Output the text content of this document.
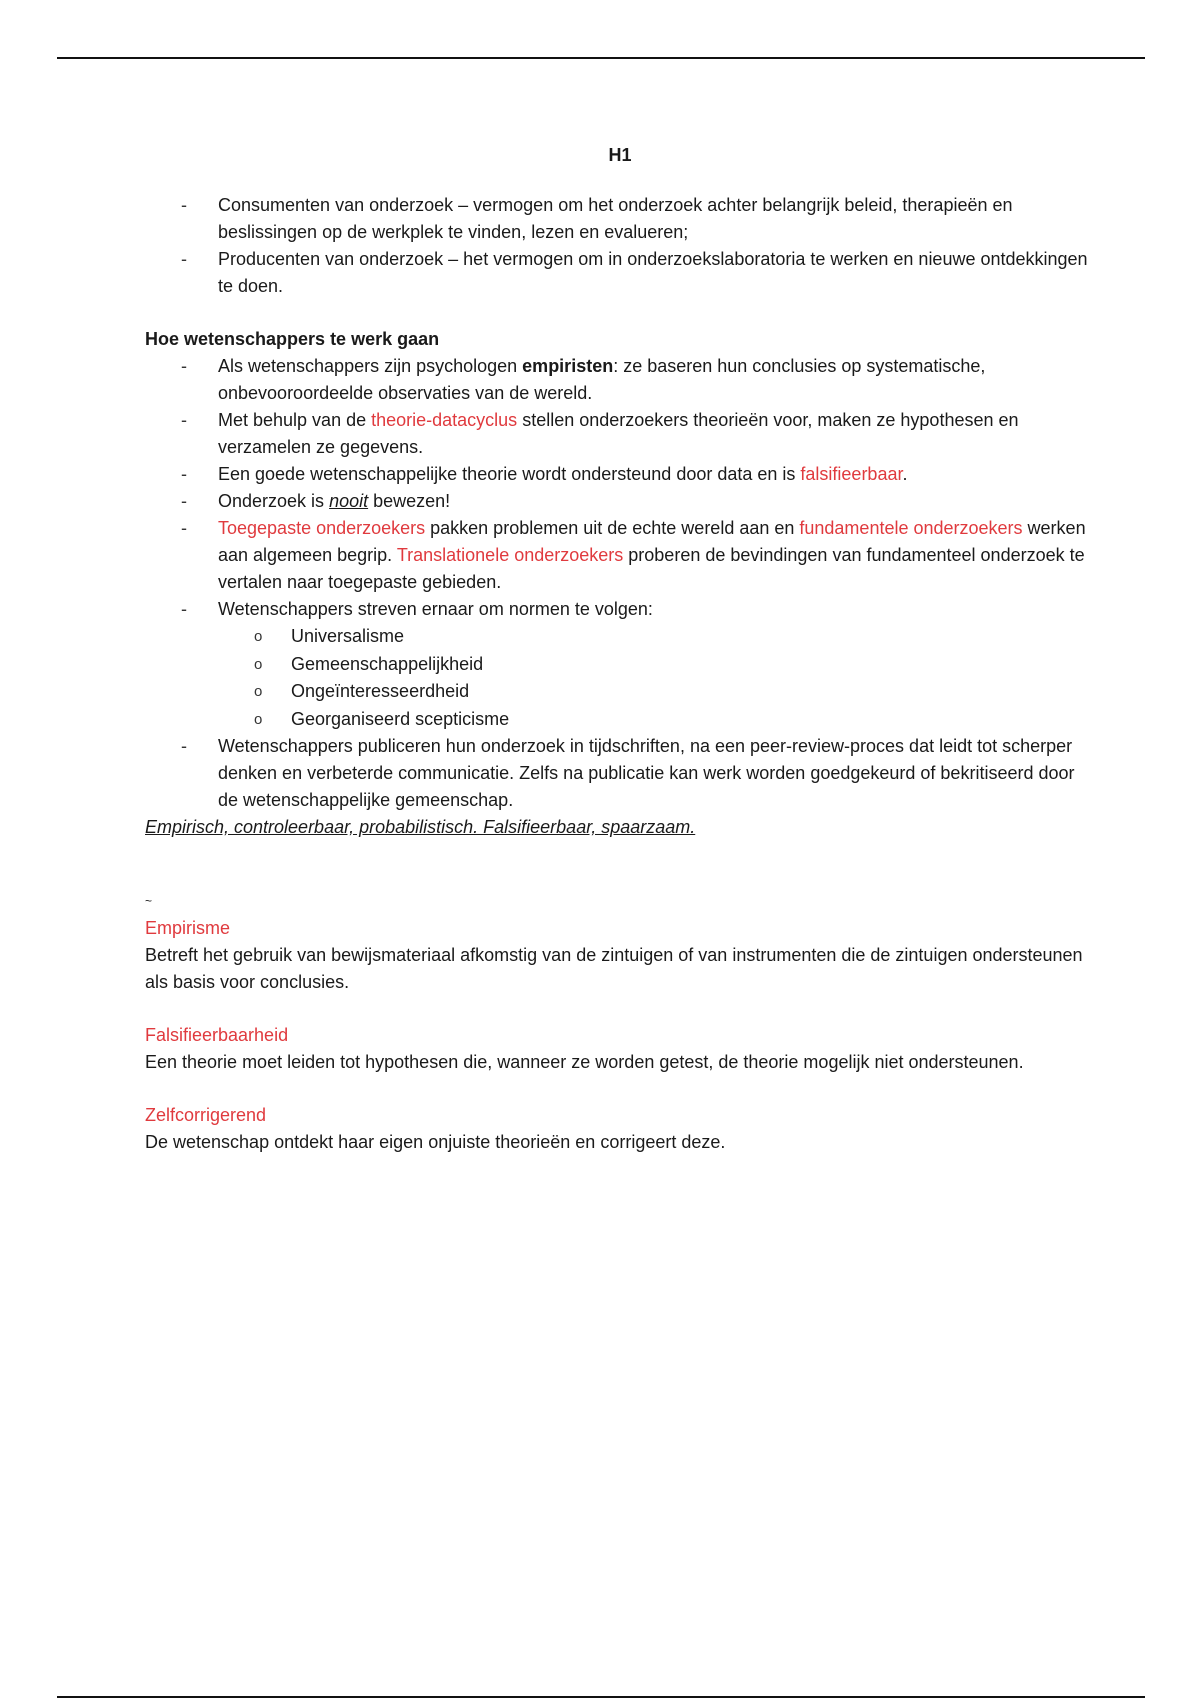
H1
- Consumenten van onderzoek – vermogen om het onderzoek achter belangrijk beleid, therapieën en beslissingen op de werkplek te vinden, lezen en evalueren;
- Producenten van onderzoek – het vermogen om in onderzoekslaboratoria te werken en nieuwe ontdekkingen te doen.
Hoe wetenschappers te werk gaan
- Als wetenschappers zijn psychologen empiristen: ze baseren hun conclusies op systematische, onbevooroordeelde observaties van de wereld.
- Met behulp van de theorie-datacyclus stellen onderzoekers theorieën voor, maken ze hypothesen en verzamelen ze gegevens.
- Een goede wetenschappelijke theorie wordt ondersteund door data en is falsifieerbaar.
- Onderzoek is nooit bewezen!
- Toegepaste onderzoekers pakken problemen uit de echte wereld aan en fundamentele onderzoekers werken aan algemeen begrip. Translationele onderzoekers proberen de bevindingen van fundamenteel onderzoek te vertalen naar toegepaste gebieden.
- Wetenschappers streven ernaar om normen te volgen:
o Universalisme
o Gemeenschappelijkheid
o Ongeïnteresseerdheid
o Georganiseerd scepticisme
- Wetenschappers publiceren hun onderzoek in tijdschriften, na een peer-review-proces dat leidt tot scherper denken en verbeterde communicatie. Zelfs na publicatie kan werk worden goedgekeurd of bekritiseerd door de wetenschappelijke gemeenschap.
Empirisch, controleerbaar, probabilistisch. Falsifieerbaar, spaarzaam.
~
Empirisme
Betreft het gebruik van bewijsmateriaal afkomstig van de zintuigen of van instrumenten die de zintuigen ondersteunen als basis voor conclusies.
Falsifieerbaarheid
Een theorie moet leiden tot hypothesen die, wanneer ze worden getest, de theorie mogelijk niet ondersteunen.
Zelfcorrigerend
De wetenschap ontdekt haar eigen onjuiste theorieën en corrigeert deze.
